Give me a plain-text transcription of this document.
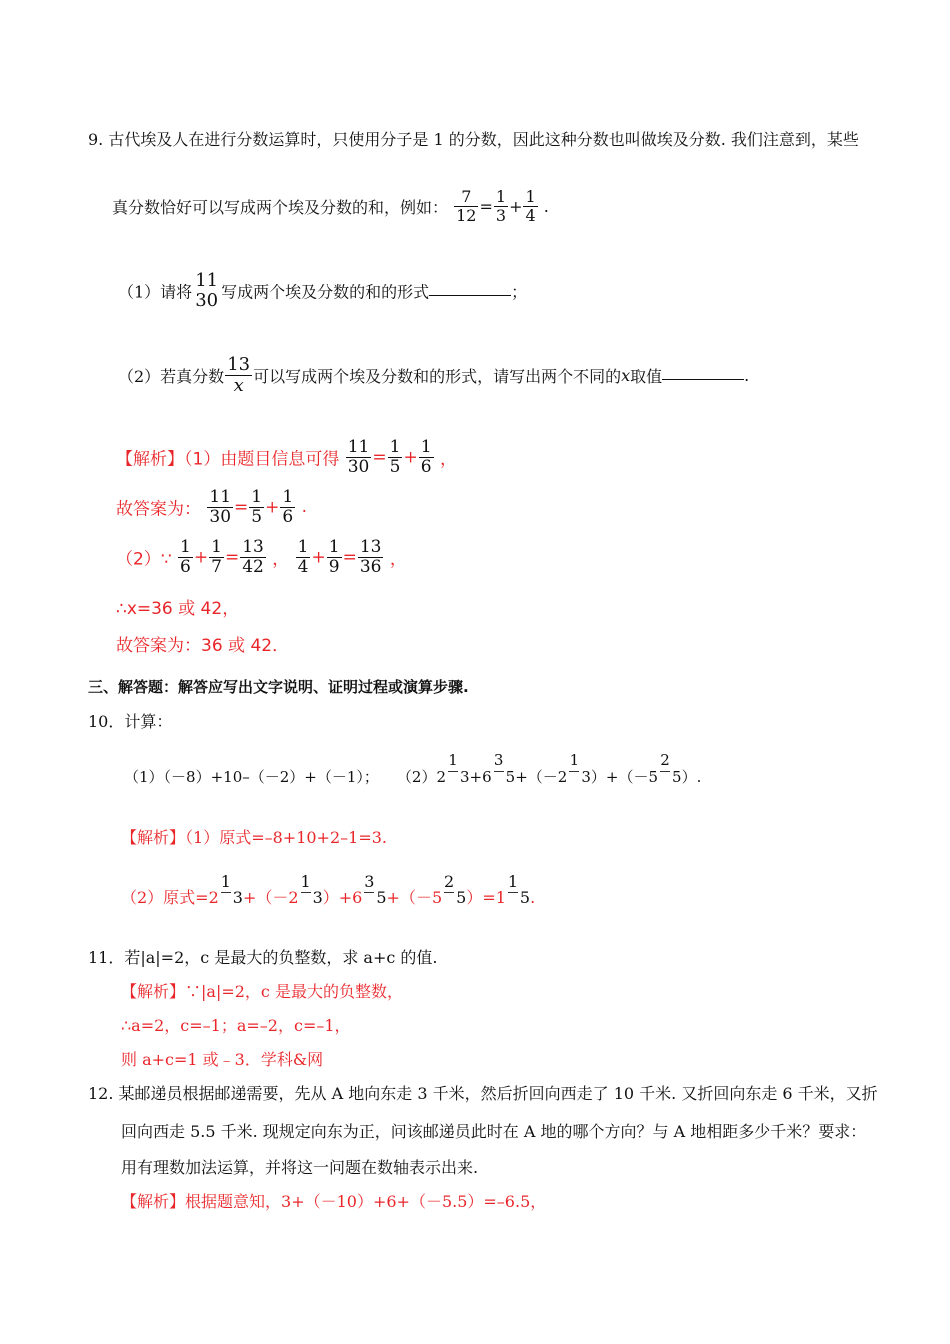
9. 古代埃及人在进行分数运算时，只使用分子是 1 的分数，因此这种分数也叫做埃及分数. 我们注意到，某些
真分数恰好可以写成两个埃及分数的和，例如： $\frac{7}{12} = \frac{1}{3} + \frac{1}{4}$ .
（1）请将
11
30 写成两个埃及分数的和的形式	；
（2）若真分数 $\frac{13}{x}$ 可以写成两个埃及分数和的形式，请写出两个不同的x取值	.
【解析】（1）由题目信息可得 $\frac{11}{30} = \frac{1}{5} + \frac{1}{6}$ ，
故答案为： $\frac{11}{30} = \frac{1}{5} + \frac{1}{6}$ .
（2）∵ $\frac{1}{6} + \frac{1}{7} = \frac{13}{42}$ ， $\frac{1}{4} + \frac{1}{9} = \frac{13}{36}$ ，
∴x=36 或 42，
故答案为：36 或 42．
三、解答题：解答应写出文字说明、证明过程或演算步骤.
10．计算：
（1）（－8）+10–（－2）+（－1）； （2）2
1
3+6
3
5+（－2
1
3）+（－5
2
5）.
【解析】（1）原式=–8+10+2–1=3.
（2）原式=2
1
3+（－2
1
3）+6
3
5+（－5
2
5）=1
1
5.
11．若|a|=2，c 是最大的负整数，求 a+c 的值.
【解析】∵|a|=2，c 是最大的负整数，
∴a=2，c=–1；a=–2，c=–1，
则 a+c=1 或﹣3．学科&网
12. 某邮递员根据邮递需要，先从 A 地向东走 3 千米，然后折回向西走了 10 千米. 又折回向东走 6 千米，又折
回向西走 5.5 千米. 现规定向东为正，问该邮递员此时在 A 地的哪个方向？与 A 地相距多少千米？要求：
用有理数加法运算，并将这一问题在数轴表示出来.
【解析】根据题意知，3+（－10）+6+（－5.5）=–6.5，
